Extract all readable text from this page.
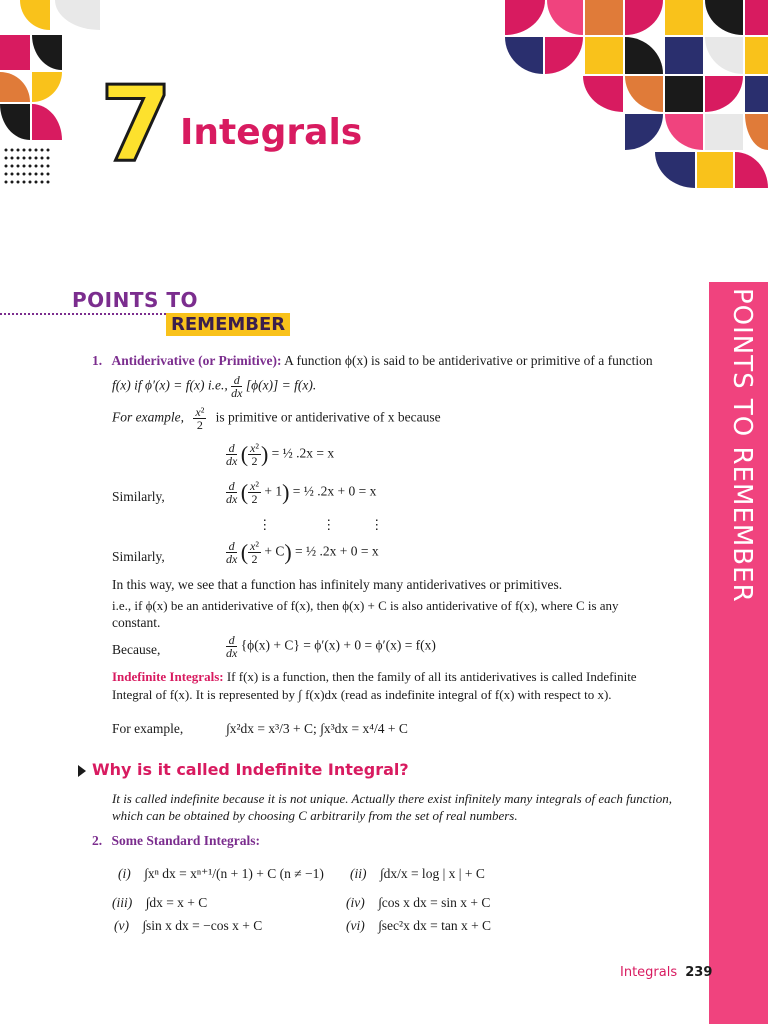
7 Integrals
POINTS TO
REMEMBER	POINTS TO REMEMBER
1. Antiderivative (or Primitive): A function ϕ(x) is said to be antiderivative or primitive of a function
f(x) if ϕ′(x) = f(x) i.e., $\frac{d}{dx} [\phi(x)] = f(x)$.
For example, $\frac{\text{x²}}{2}$ is primitive or antiderivative of x because
$\frac{d}{dx}$ ( $\frac{\text{x²}}{2}$ ) = ½ .2x = x
Similarly,	$\frac{d}{dx}$ ( $\frac{\text{x²}}{2} + 1$) = ½ .2x + 0 = x
⋮	⋮	⋮
Similarly,	$\frac{d}{dx}$ ( $\frac{\text{x²}}{2} + C$) = ½ .2x + 0 = x
In this way, we see that a function has infinitely many antiderivatives or primitives.
i.e., if ϕ(x) be an antiderivative of f(x), then ϕ(x) + C is also antiderivative of f(x), where C is any
constant.
Because,	$\frac{d}{dx} \{\phi(x) + C\} = \phi'(x) + 0 = \phi'(x) = f(x)$
Indefinite Integrals: If f(x) is a function, then the family of all its antiderivatives is called Indefinite
Integral of f(x). It is represented by ∫ f(x)dx (read as indefinite integral of f(x) with respect to x).
For example,	∫x²dx = x³/3 + C; ∫x³dx = x⁴/4 + C
Why is it called Indefinite Integral?
It is called indefinite because it is not unique. Actually there exist infinitely many integrals of each function,
which can be obtained by choosing C arbitrarily from the set of real numbers.
2. Some Standard Integrals:
(i) ∫xⁿ dx = xⁿ⁺¹/(n + 1) + C (n ≠ −1) (ii) ∫dx/x = log | x | + C
(iii) ∫dx = x + C	(iv) ∫cos x dx = sin x + C
(v) ∫sin x dx = −cos x + C	(vi) ∫sec²x dx = tan x + C
Integrals 239
